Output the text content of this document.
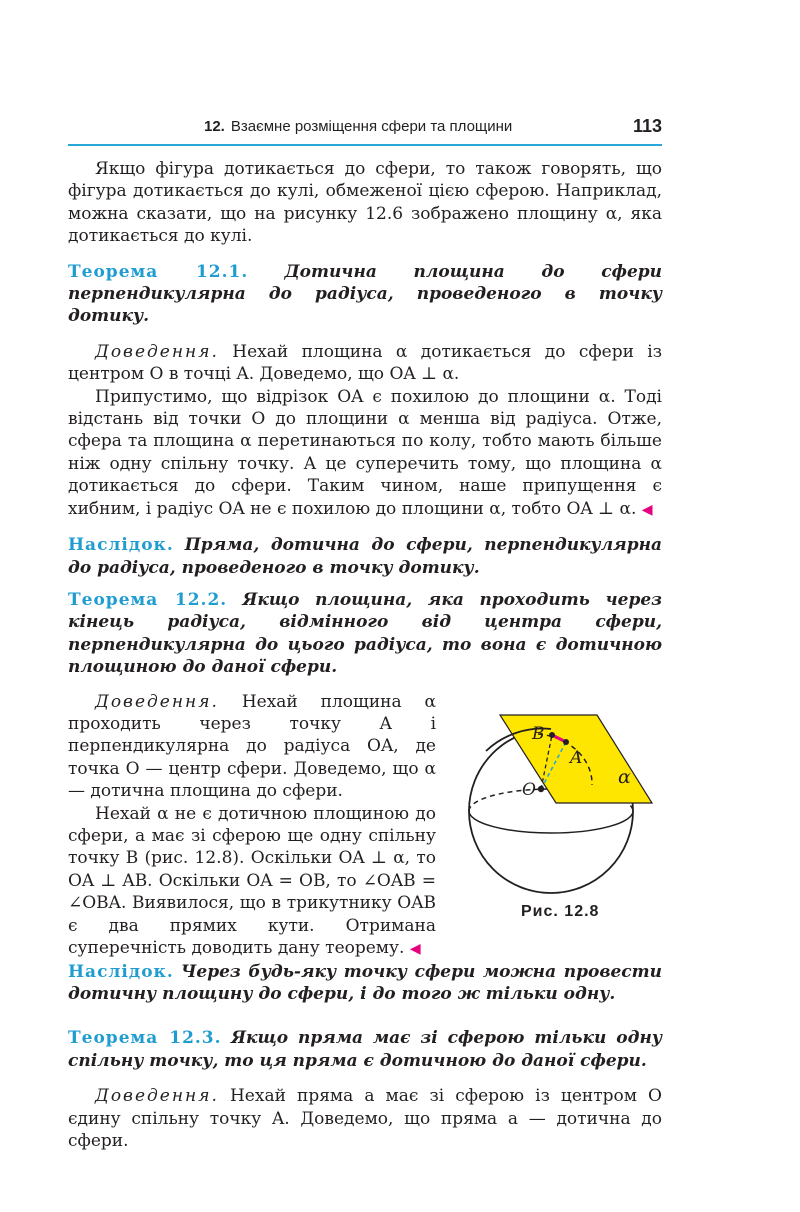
12. Взаємне розміщення сфери та площини	113

Якщо фігура дотикається до сфери, то також говорять, що фігура дотикається до кулі, обмеженої цією сферою. Наприклад, можна сказати, що на рисунку 12.6 зображено площину α, яка дотикається до кулі.

Теорема 12.1. Дотична площина до сфери перпендикулярна до радіуса, проведеного в точку дотику.

Доведення. Нехай площина α дотикається до сфери із центром O в точці A. Доведемо, що OA ⊥ α.

Припустимо, що відрізок OA є похилою до площини α. Тоді відстань від точки O до площини α менша від радіуса. Отже, сфера та площина α перетинаються по колу, тобто мають більше ніж одну спільну точку. А це суперечить тому, що площина α дотикається до сфери. Таким чином, наше припущення є хибним, і радіус OA не є похилою до площини α, тобто OA ⊥ α. ◀

Наслідок. Пряма, дотична до сфери, перпендикулярна до радіуса, проведеного в точку дотику.

Теорема 12.2. Якщо площина, яка проходить через кінець радіуса, відмінного від центра сфери, перпендикулярна до цього радіуса, то вона є дотичною площиною до даної сфери.

Доведення. Нехай площина α проходить через точку A і перпендикулярна до радіуса OA, де точка O — центр сфери. Доведемо, що α — дотична площина до сфери.

Нехай α не є дотичною площиною до сфери, а має зі сферою ще одну спільну точку B (рис. 12.8). Оскільки OA ⊥ α, то OA ⊥ AB. Оскільки OA = OB, то ∠OAB = ∠OBA. Виявилося, що в трикутнику OAB є два прямих кути. Отримана суперечність доводить дану теорему. ◀

B
A
O
α
Рис. 12.8

Наслідок. Через будь-яку точку сфери можна провести дотичну площину до сфери, і до того ж тільки одну.

Теорема 12.3. Якщо пряма має зі сферою тільки одну спільну точку, то ця пряма є дотичною до даної сфери.

Доведення. Нехай пряма a має зі сферою із центром O єдину спільну точку A. Доведемо, що пряма a — дотична до сфери.
